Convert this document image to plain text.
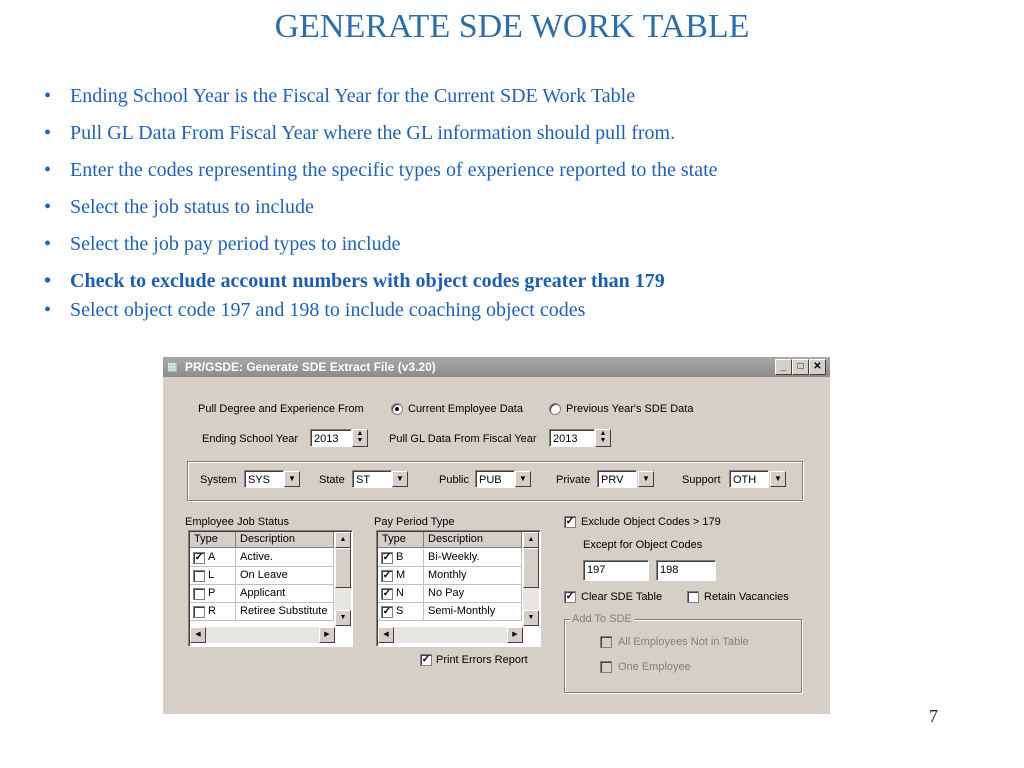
GENERATE SDE WORK TABLE
• Ending School Year is the Fiscal Year for the Current SDE Work Table
• Pull GL Data From Fiscal Year where the GL information should pull from.
• Enter the codes representing the specific types of experience reported to the state
• Select the job status to include
• Select the job pay period types to include
• Check to exclude account numbers with object codes greater than 179
• Select object code 197 and 198 to include coaching object codes
7
▦ PR/GSDE: Generate SDE Extract File (v3.20)	_	□ ✕
Pull Degree and Experience From	Current Employee Data	Previous Year's SDE Data
Ending School Year	2013	▲
▼	Pull GL Data From Fiscal Year	2013	▲
▼
System	SYS	▼	State	ST	▼	Public PUB	▼	Private PRV	▼	Support	OTH	▼
Employee Job Status
Type	Description
✓ A	Active.
L	On Leave
P	Applicant
R	Retiree Substitute
▲
▼
◀	▶
Pay Period Type
Type	Description
✓ B	Bi-Weekly.
✓ M	Monthly
✓ N	No Pay
✓ S	Semi-Monthly
▲
▼
◀	▶
✓ Print Errors Report
✓ Exclude Object Codes > 179
Except for Object Codes
197	198
✓ Clear SDE Table	Retain Vacancies
Add To SDE
All Employees Not in Table
One Employee
